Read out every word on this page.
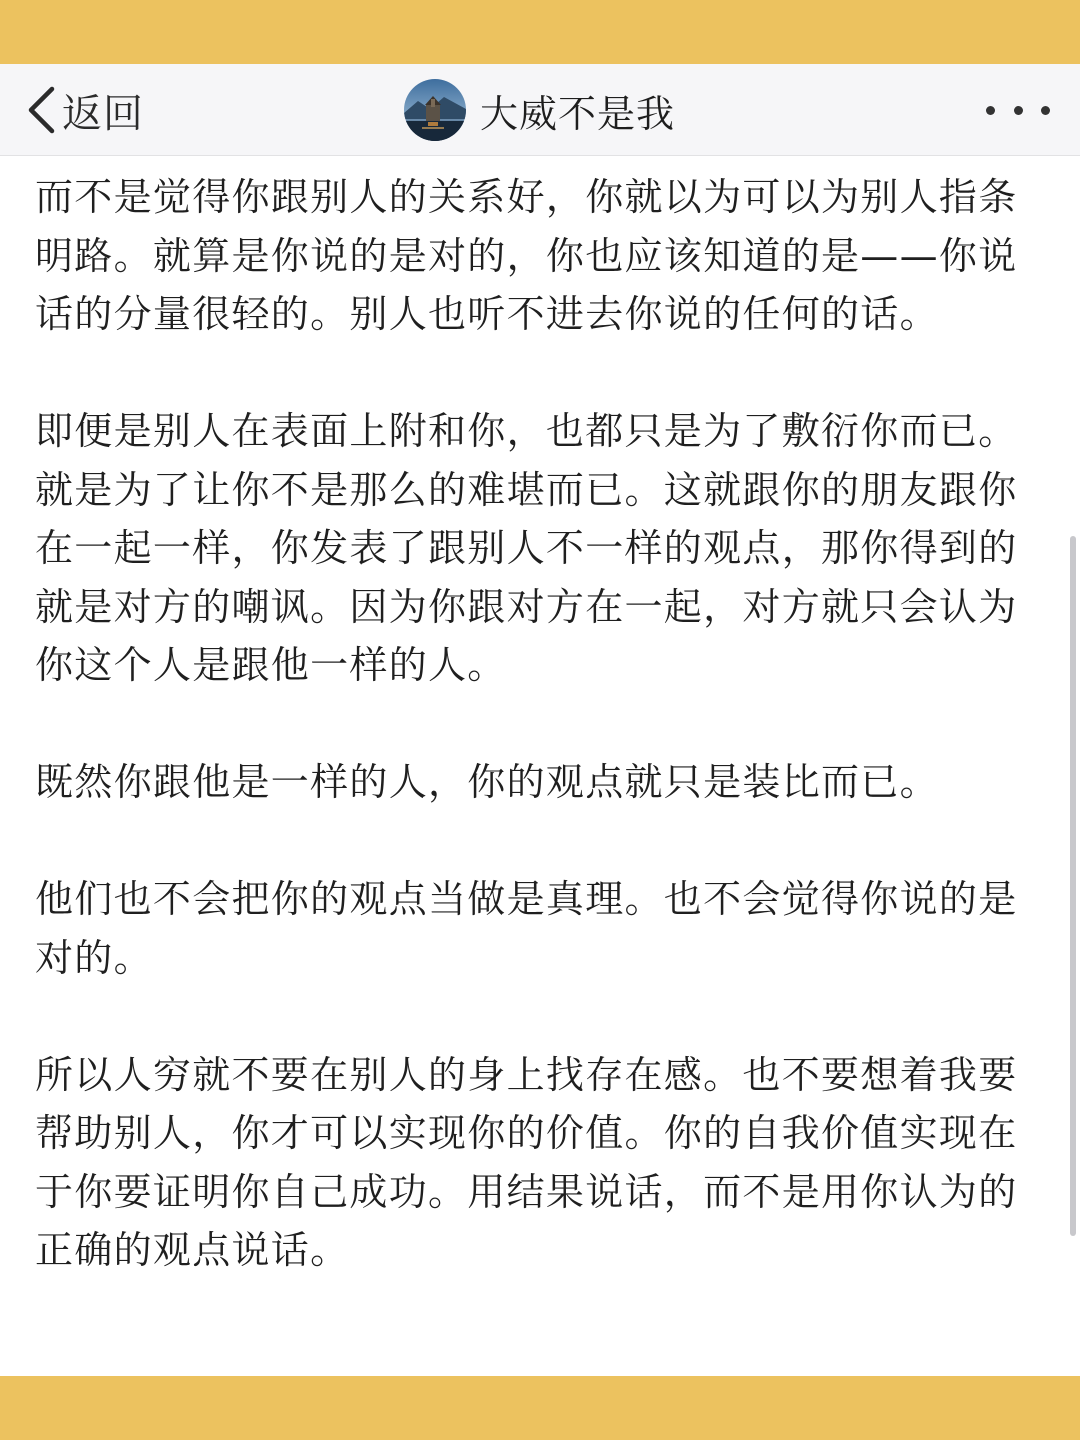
返回	大威不是我

而不是觉得你跟别人的关系好，你就以为可以为别人指条明路。就算是你说的是对的，你也应该知道的是——你说话的分量很轻的。别人也听不进去你说的任何的话。

即便是别人在表面上附和你，也都只是为了敷衍你而已。就是为了让你不是那么的难堪而已。这就跟你的朋友跟你在一起一样，你发表了跟别人不一样的观点，那你得到的就是对方的嘲讽。因为你跟对方在一起，对方就只会认为你这个人是跟他一样的人。

既然你跟他是一样的人，你的观点就只是装比而已。

他们也不会把你的观点当做是真理。也不会觉得你说的是对的。

所以人穷就不要在别人的身上找存在感。也不要想着我要帮助别人，你才可以实现你的价值。你的自我价值实现在于你要证明你自己成功。用结果说话，而不是用你认为的正确的观点说话。
